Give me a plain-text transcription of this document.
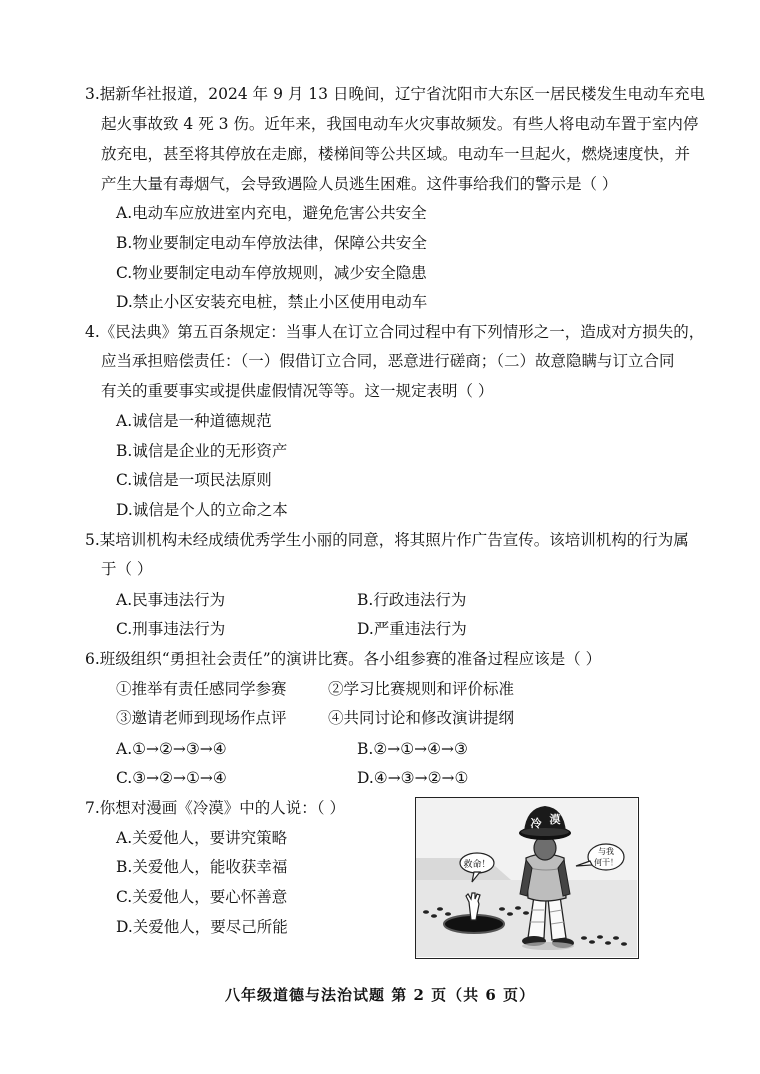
3.据新华社报道，2024 年 9 月 13 日晚间，辽宁省沈阳市大东区一居民楼发生电动车充电
起火事故致 4 死 3 伤。近年来，我国电动车火灾事故频发。有些人将电动车置于室内停
放充电，甚至将其停放在走廊，楼梯间等公共区域。电动车一旦起火，燃烧速度快，并
产生大量有毒烟气，会导致遇险人员逃生困难。这件事给我们的警示是（ ）
A.电动车应放进室内充电，避免危害公共安全
B.物业要制定电动车停放法律，保障公共安全
C.物业要制定电动车停放规则，减少安全隐患
D.禁止小区安装充电桩，禁止小区使用电动车
4.《民法典》第五百条规定：当事人在订立合同过程中有下列情形之一，造成对方损失的，
应当承担赔偿责任：（一）假借订立合同，恶意进行磋商；（二）故意隐瞒与订立合同
有关的重要事实或提供虚假情况等等。这一规定表明（ ）
A.诚信是一种道德规范
B.诚信是企业的无形资产
C.诚信是一项民法原则
D.诚信是个人的立命之本
5.某培训机构未经成绩优秀学生小丽的同意，将其照片作广告宣传。该培训机构的行为属
于（ ）
A.民事违法行为	B.行政违法行为
C.刑事违法行为	D.严重违法行为
6.班级组织“勇担社会责任”的演讲比赛。各小组参赛的准备过程应该是（ ）
①推举有责任感同学参赛	②学习比赛规则和评价标准
③邀请老师到现场作点评	④共同讨论和修改演讲提纲
A.①→②→③→④	B.②→①→④→③
C.③→②→①→④	D.④→③→②→①
7.你想对漫画《冷漠》中的人说：（ ）
A.关爱他人，要讲究策略
B.关爱他人，能收获幸福
C.关爱他人，要心怀善意
D.关爱他人，要尽己所能
救命！
冷 漠
与我
何干！
八年级道德与法治试题 第 2 页（共 6 页）
